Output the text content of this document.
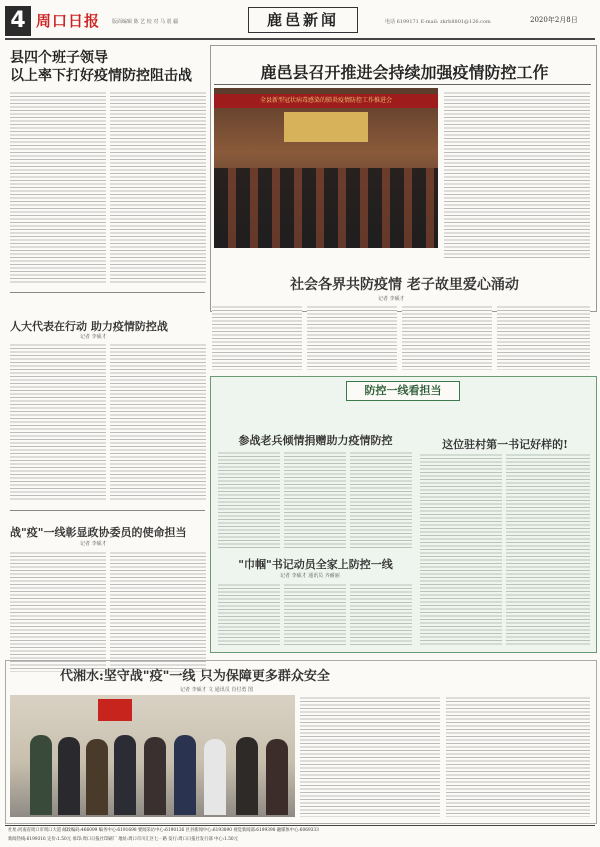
4 周口日报 版面编辑 陈 艺 校 对 马 震 疆	鹿邑新闻	电话 6199171 E-mail: zkrb8801@126.com	2020年2月8日
县四个班子领导
以上率下打好疫情防控阻击战
人大代表在行动 助力疫情防控战
记者 李硕才
战"疫"一线彰显政协委员的使命担当
记者 李硕才
鹿邑县召开推进会持续加强疫情防控工作
全县新型冠状病毒感染的肺炎疫情防控工作推进会
社会各界共防疫情 老子故里爱心涌动
记者 李硕才
防控一线看担当
参战老兵倾情捐赠助力疫情防控	这位驻村第一书记好样的!
"巾帼"书记动员全家上防控一线
记者 李硕才 通讯员 齐耐丽
代湘水:坚守战"疫"一线 只为保障更多群众安全
记者 李硕才 文 通讯员 肖付勇 图
社址:河南省周口市周口大道 邮政编码:466099 编务中心:6191698 要闻采访中心:6190126 区县新闻中心:6193890 视觉新闻部:6199398 融媒体中心:6069333
新闻热线:6199316 定价:1.50元 承印:周口日报社印刷厂 地址:周口市川汇区七一路 发行:周口日报社发行部 中心:1.50元
